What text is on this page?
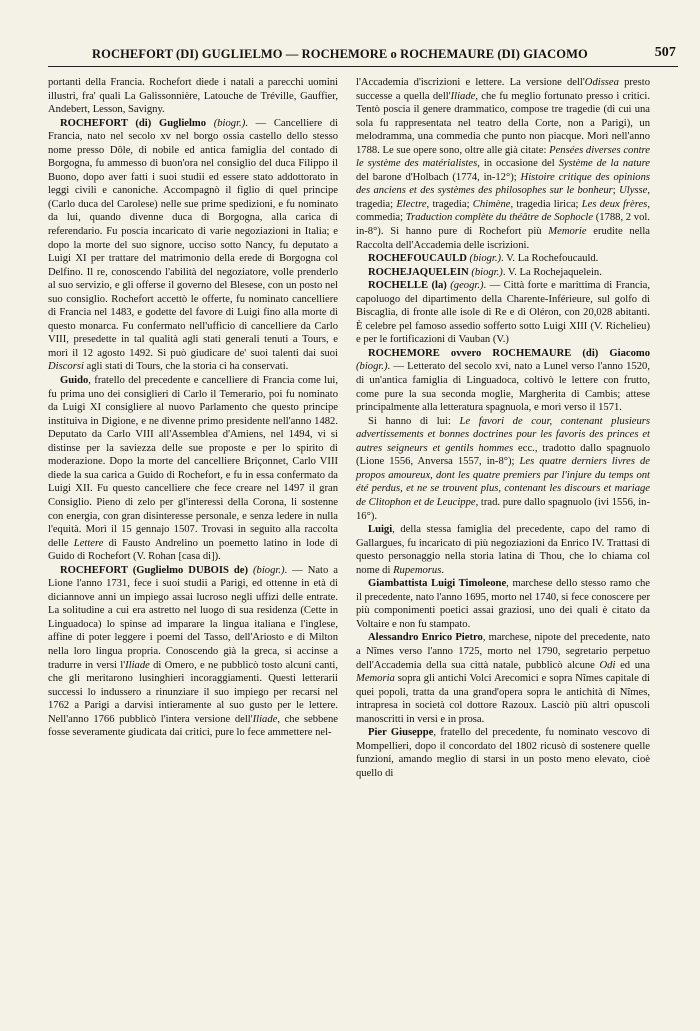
ROCHEFORT (DI) GUGLIELMO — ROCHEMORE o ROCHEMAURE (DI) GIACOMO	507

portanti della Francia. Rochefort diede i natali a parecchi uomini illustri, fra' quali La Galissonnière, Latouche de Tréville, Gauffier, Andebert, Lesson, Savigny.

ROCHEFORT (di) Guglielmo (biogr.). — Cancelliere di Francia, nato nel secolo xv nel borgo ossia castello dello stesso nome presso Dôle, di nobile ed antica famiglia del contado di Borgogna, fu ammesso di buon'ora nel consiglio del duca Filippo il Buono, dopo aver fatti i suoi studii ed essere stato addottorato in leggi civili e canoniche. Accompagnò il figlio di quel principe (Carlo duca del Carolese) nelle sue prime spedizioni, e fu nominato da lui, quando divenne duca di Borgogna, alla carica di referendario. Fu poscia incaricato di varie negoziazioni in Italia; e dopo la morte del suo signore, ucciso sotto Nancy, fu deputato a Luigi XI per trattare del matrimonio della erede di Borgogna col Delfino. Il re, conoscendo l'abilità del negoziatore, volle prenderlo al suo servizio, e gli offerse il governo del Blesese, con un posto nel suo consiglio. Rochefort accettò le offerte, fu nominato cancelliere di Francia nel 1483, e godette del favore di Luigi fino alla morte di questo monarca. Fu confermato nell'ufficio di cancelliere da Carlo VIII, presedette in tal qualità agli stati generali tenuti a Tours, e morì il 12 agosto 1492. Si può giudicare de' suoi talenti dai suoi Discorsi agli stati di Tours, che la storia ci ha conservati.

Guido, fratello del precedente e cancelliere di Francia come lui, fu prima uno dei consiglieri di Carlo il Temerario, poi fu nominato da Luigi XI consigliere al nuovo Parlamento che questo principe instituiva in Digione, e ne divenne primo presidente nell'anno 1482. Deputato da Carlo VIII all'Assemblea d'Amiens, nel 1494, vi si distinse per la saviezza delle sue proposte e per lo spirito di moderazione. Dopo la morte del cancelliere Briçonnet, Carlo VIII diede la sua carica a Guido di Rochefort, e fu in essa confermato da Luigi XII. Fu questo cancelliere che fece creare nel 1497 il gran Consiglio. Pieno di zelo per gl'interessi della Corona, li sostenne con energia, con gran disinteresse personale, e senza ledere in nulla l'equità. Morì il 15 gennajo 1507. Trovasi in seguito alla raccolta delle Lettere di Fausto Andrelino un poemetto latino in lode di Guido di Rochefort (V. Rohan [casa di]).

ROCHEFORT (Guglielmo DUBOIS de) (biogr.). — Nato a Lione l'anno 1731, fece i suoi studii a Parigi, ed ottenne in età di diciannove anni un impiego assai lucroso negli uffizi delle entrate. La solitudine a cui era astretto nel luogo di sua residenza (Cette in Linguadoca) lo spinse ad imparare la lingua italiana e l'inglese, affine di poter leggere i poemi del Tasso, dell'Ariosto e di Milton nella loro lingua propria. Conoscendo già la greca, si accinse a tradurre in versi l'Iliade di Omero, e ne pubblicò tosto alcuni canti, che gli meritarono lusinghieri incoraggiamenti. Questi letterarii successi lo indussero a rinunziare il suo impiego per recarsi nel 1762 a Parigi a darvisi intieramente al suo gusto per le lettere. Nell'anno 1766 pubblicò l'intera versione dell'Iliade, che sebbene fosse severamente giudicata dai critici, pure lo fece ammettere nel-

l'Accademia d'iscrizioni e lettere. La versione dell'Odissea presto successe a quella dell'Iliade, che fu meglio fortunato presso i critici. Tentò poscia il genere drammatico, compose tre tragedie (di cui una sola fu rappresentata nel teatro della Corte, non a Parigi), un melodramma, una commedia che punto non piacque. Morì nell'anno 1788. Le sue opere sono, oltre alle già citate: Pensées diverses contre le système des matérialistes, in occasione del Système de la nature del barone d'Holbach (1774, in-12°); Histoire critique des opinions des anciens et des systèmes des philosophes sur le bonheur; Ulysse, tragedia; Electre, tragedia; Chimène, tragedia lirica; Les deux frères, commedia; Traduction complète du théâtre de Sophocle (1788, 2 vol. in-8°). Si hanno pure di Rochefort più Memorie erudite nella Raccolta dell'Accademia delle iscrizioni.

ROCHEFOUCAULD (biogr.). V. La Rochefoucauld.

ROCHEJAQUELEIN (biogr.). V. La Rochejaquelein.

ROCHELLE (la) (geogr.). — Città forte e marittima di Francia, capoluogo del dipartimento della Charente-Inférieure, sul golfo di Biscaglia, di fronte alle isole di Re e di Oléron, con 20,028 abitanti. È celebre pel famoso assedio sofferto sotto Luigi XIII (V. Richelieu) e per le fortificazioni di Vauban (V.)

ROCHEMORE ovvero ROCHEMAURE (di) Giacomo (biogr.). — Letterato del secolo xvi, nato a Lunel verso l'anno 1520, di un'antica famiglia di Linguadoca, coltivò le lettere con frutto, come pure la sua seconda moglie, Margherita di Cambis; attese principalmente alla letteratura spagnuola, e morì verso il 1571.

Si hanno di lui: Le favori de cour, contenant plusieurs advertissements et bonnes doctrines pour les favoris des princes et autres seigneurs et gentils hommes ecc., tradotto dallo spagnuolo (Lione 1556, Anversa 1557, in-8°); Les quatre derniers livres de propos amoureux, dont les quatre premiers par l'injure du temps ont été perdus, et ne se trouvent plus, contenant les discours et mariage de Clitophon et de Leucippe, trad. pure dallo spagnuolo (ivi 1556, in-16°).

Luigi, della stessa famiglia del precedente, capo del ramo di Gallargues, fu incaricato di più negoziazioni da Enrico IV. Trattasi di questo personaggio nella storia latina di Thou, che lo chiama col nome di Rupemorus.

Giambattista Luigi Timoleone, marchese dello stesso ramo che il precedente, nato l'anno 1695, morto nel 1740, si fece conoscere per più componimenti poetici assai graziosi, uno dei quali è citato da Voltaire e non fu stampato.

Alessandro Enrico Pietro, marchese, nipote del precedente, nato a Nîmes verso l'anno 1725, morto nel 1790, segretario perpetuo dell'Accademia della sua città natale, pubblicò alcune Odi ed una Memoria sopra gli antichi Volci Arecomici e sopra Nîmes capitale di quei popoli, tratta da una grand'opera sopra le antichità di Nîmes, intrapresa in società col dottore Razoux. Lasciò più altri opuscoli manoscritti in versi e in prosa.

Pier Giuseppe, fratello del precedente, fu nominato vescovo di Mompellieri, dopo il concordato del 1802 ricusò di sostenere quelle funzioni, amando meglio di starsi in un posto meno elevato, cioè quello di
